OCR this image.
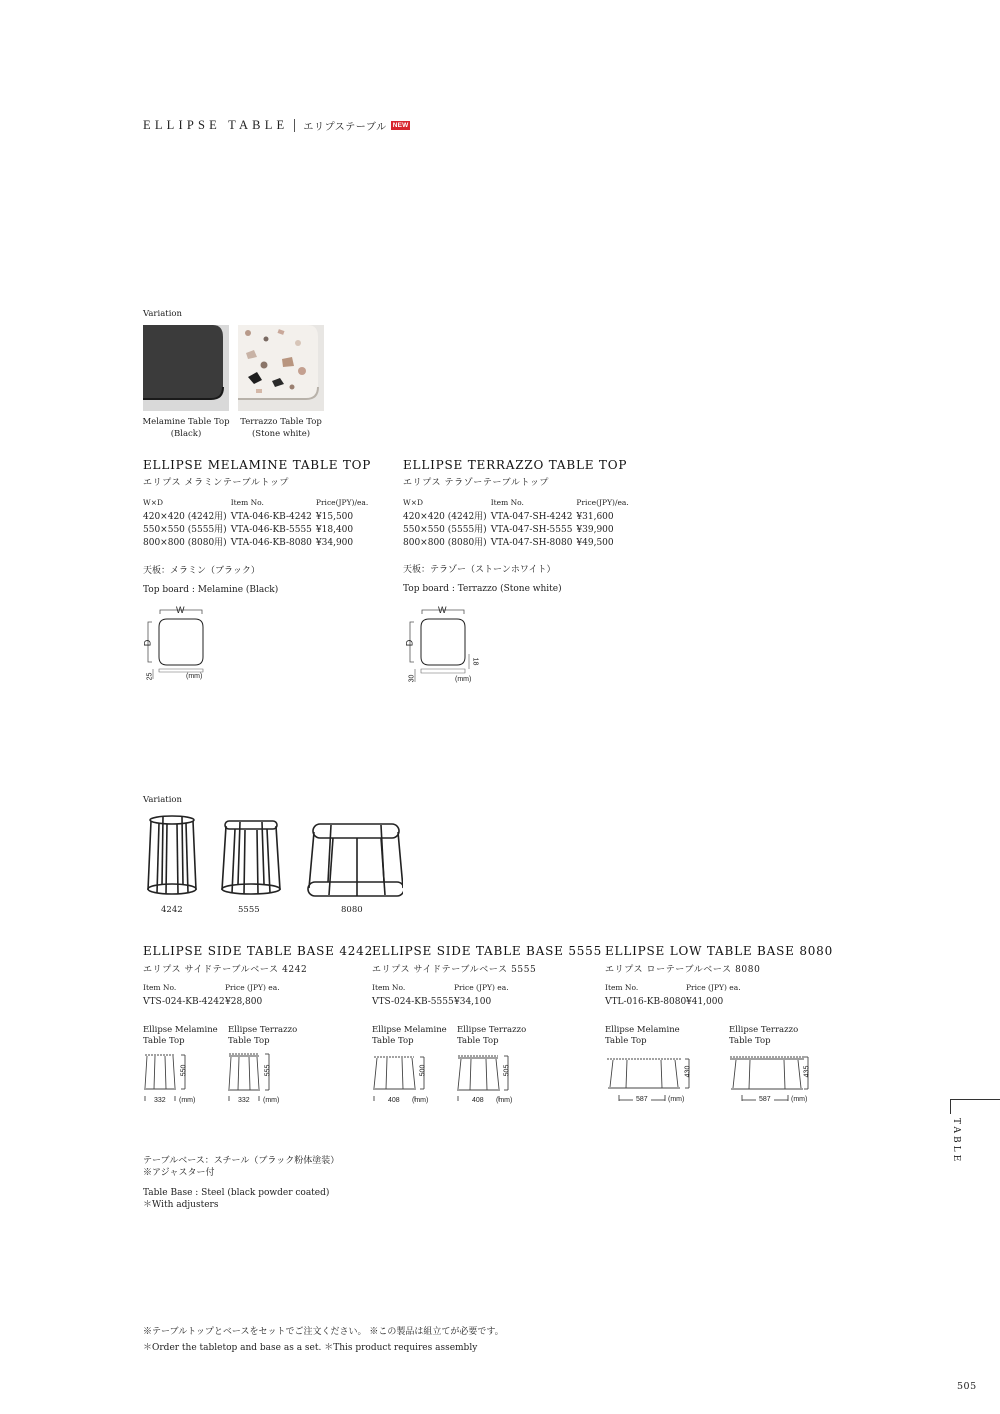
ELLIPSE TABLE エリプステーブル NEW
Variation
Melamine Table Top
(Black)
Terrazzo Table Top
(Stone white)
ELLIPSE MELAMINE TABLE TOP
エリプス メラミンテーブルトップ
W×D	Item No.	Price(JPY)/ea.
420×420 (4242用)	VTA-046-KB-4242	¥15,500
550×550 (5555用)	VTA-046-KB-5555	¥18,400
800×800 (8080用)	VTA-046-KB-8080	¥34,900
天板：メラミン（ブラック）
Top board : Melamine (Black)
W
D
25	(mm)
ELLIPSE TERRAZZO TABLE TOP
エリプス テラゾーテーブルトップ
W×D	Item No.	Price(JPY)/ea.
420×420 (4242用)	VTA-047-SH-4242	¥31,600
550×550 (5555用)	VTA-047-SH-5555	¥39,900
800×800 (8080用)	VTA-047-SH-8080	¥49,500
天板：テラゾー（ストーンホワイト）
Top board : Terrazzo (Stone white)
W
D
30
18
(mm)
Variation
4242	5555	8080
ELLIPSE SIDE TABLE BASE 4242
エリプス サイドテーブルベース 4242
Item No.	Price (JPY) ea.
VTS-024-KB-4242 ¥28,800
Ellipse Melamine
Table Top
Ellipse Terrazzo
Table Top
ELLIPSE SIDE TABLE BASE 5555
エリプス サイドテーブルベース 5555
Item No.	Price (JPY) ea.
VTS-024-KB-5555 ¥34,100
Ellipse Melamine
Table Top
Ellipse Terrazzo
Table Top
ELLIPSE LOW TABLE BASE 8080
エリプス ローテーブルベース 8080
Item No.	Price (JPY) ea.
VTL-016-KB-8080 ¥41,000
Ellipse Melamine
Table Top
Ellipse Terrazzo
Table Top
550
332 (mm)
555
332 (mm)
500
408 (mm)
505
408 (mm)
430
587	(mm)
435
587	(mm)
テーブルベース：スチール（ブラック粉体塗装）
※アジャスター付
Table Base : Steel (black powder coated)
＊With adjusters
※テーブルトップとベースをセットでご注文ください。 ※この製品は組立てが必要です。
＊Order the tabletop and base as a set. ＊This product requires assembly
505
TABLE
